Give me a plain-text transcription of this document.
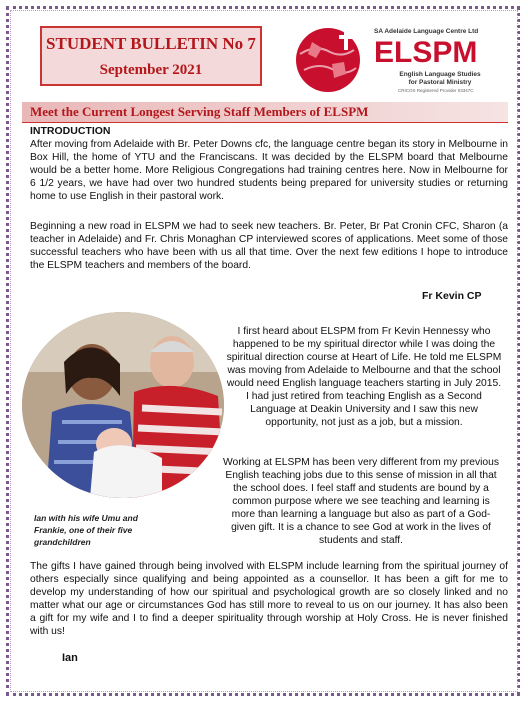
STUDENT BULLETIN No 7
September 2021
SA Adelaide Language Centre Ltd
ELSPM
English Language Studies
for Pastoral Ministry
CRICOS Registered Provider 03347C
Meet the Current Longest Serving Staff Members of ELSPM
INTRODUCTION

After moving from Adelaide with Br. Peter Downs cfc, the language centre began its story in Melbourne in Box Hill, the home of YTU and the Franciscans. It was decided by the ELSPM board that Melbourne would be a better home. More Religious Congregations had training centres here. Now in Melbourne for 6 1/2 years, we have had over two hundred students being prepared for university studies or returning home to use English in their pastoral work.

Beginning a new road in ELSPM we had to seek new teachers. Br. Peter, Br Pat Cronin CFC, Sharon (a teacher in Adelaide) and Fr. Chris Monaghan CP interviewed scores of applications. Meet some of those successful teachers who have been with us all that time. Over the next few editions I hope to introduce the ELSPM teachers and members of the board.

Fr Kevin CP
Ian with his wife Umu and Frankie, one of their five grandchildren

I first heard about ELSPM from Fr Kevin Hennessy who happened to be my spiritual director while I was doing the spiritual direction course at Heart of Life. He told me ELSPM was moving from Adelaide to Melbourne and that the school would need English language teachers starting in July 2015. I had just retired from teaching English as a Second Language at Deakin University and I saw this new opportunity, not just as a job, but a mission.

Working at ELSPM has been very different from my previous English teaching jobs due to this sense of mission in all that the school does. I feel staff and students are bound by a common purpose where we see teaching and learning is more than learning a language but also as part of a God-given gift. It is a chance to see God at work in the lives of students and staff.

The gifts I have gained through being involved with ELSPM include learning from the spiritual journey of others especially since qualifying and being appointed as a counsellor. It has been a gift for me to develop my understanding of how our spiritual and psychological growth are so closely linked and no matter what our age or circumstances God has still more to reveal to us on our journey. It has also been a gift for my wife and I to find a deeper spirituality through worship at Holy Cross. He is never finished with us!

Ian
